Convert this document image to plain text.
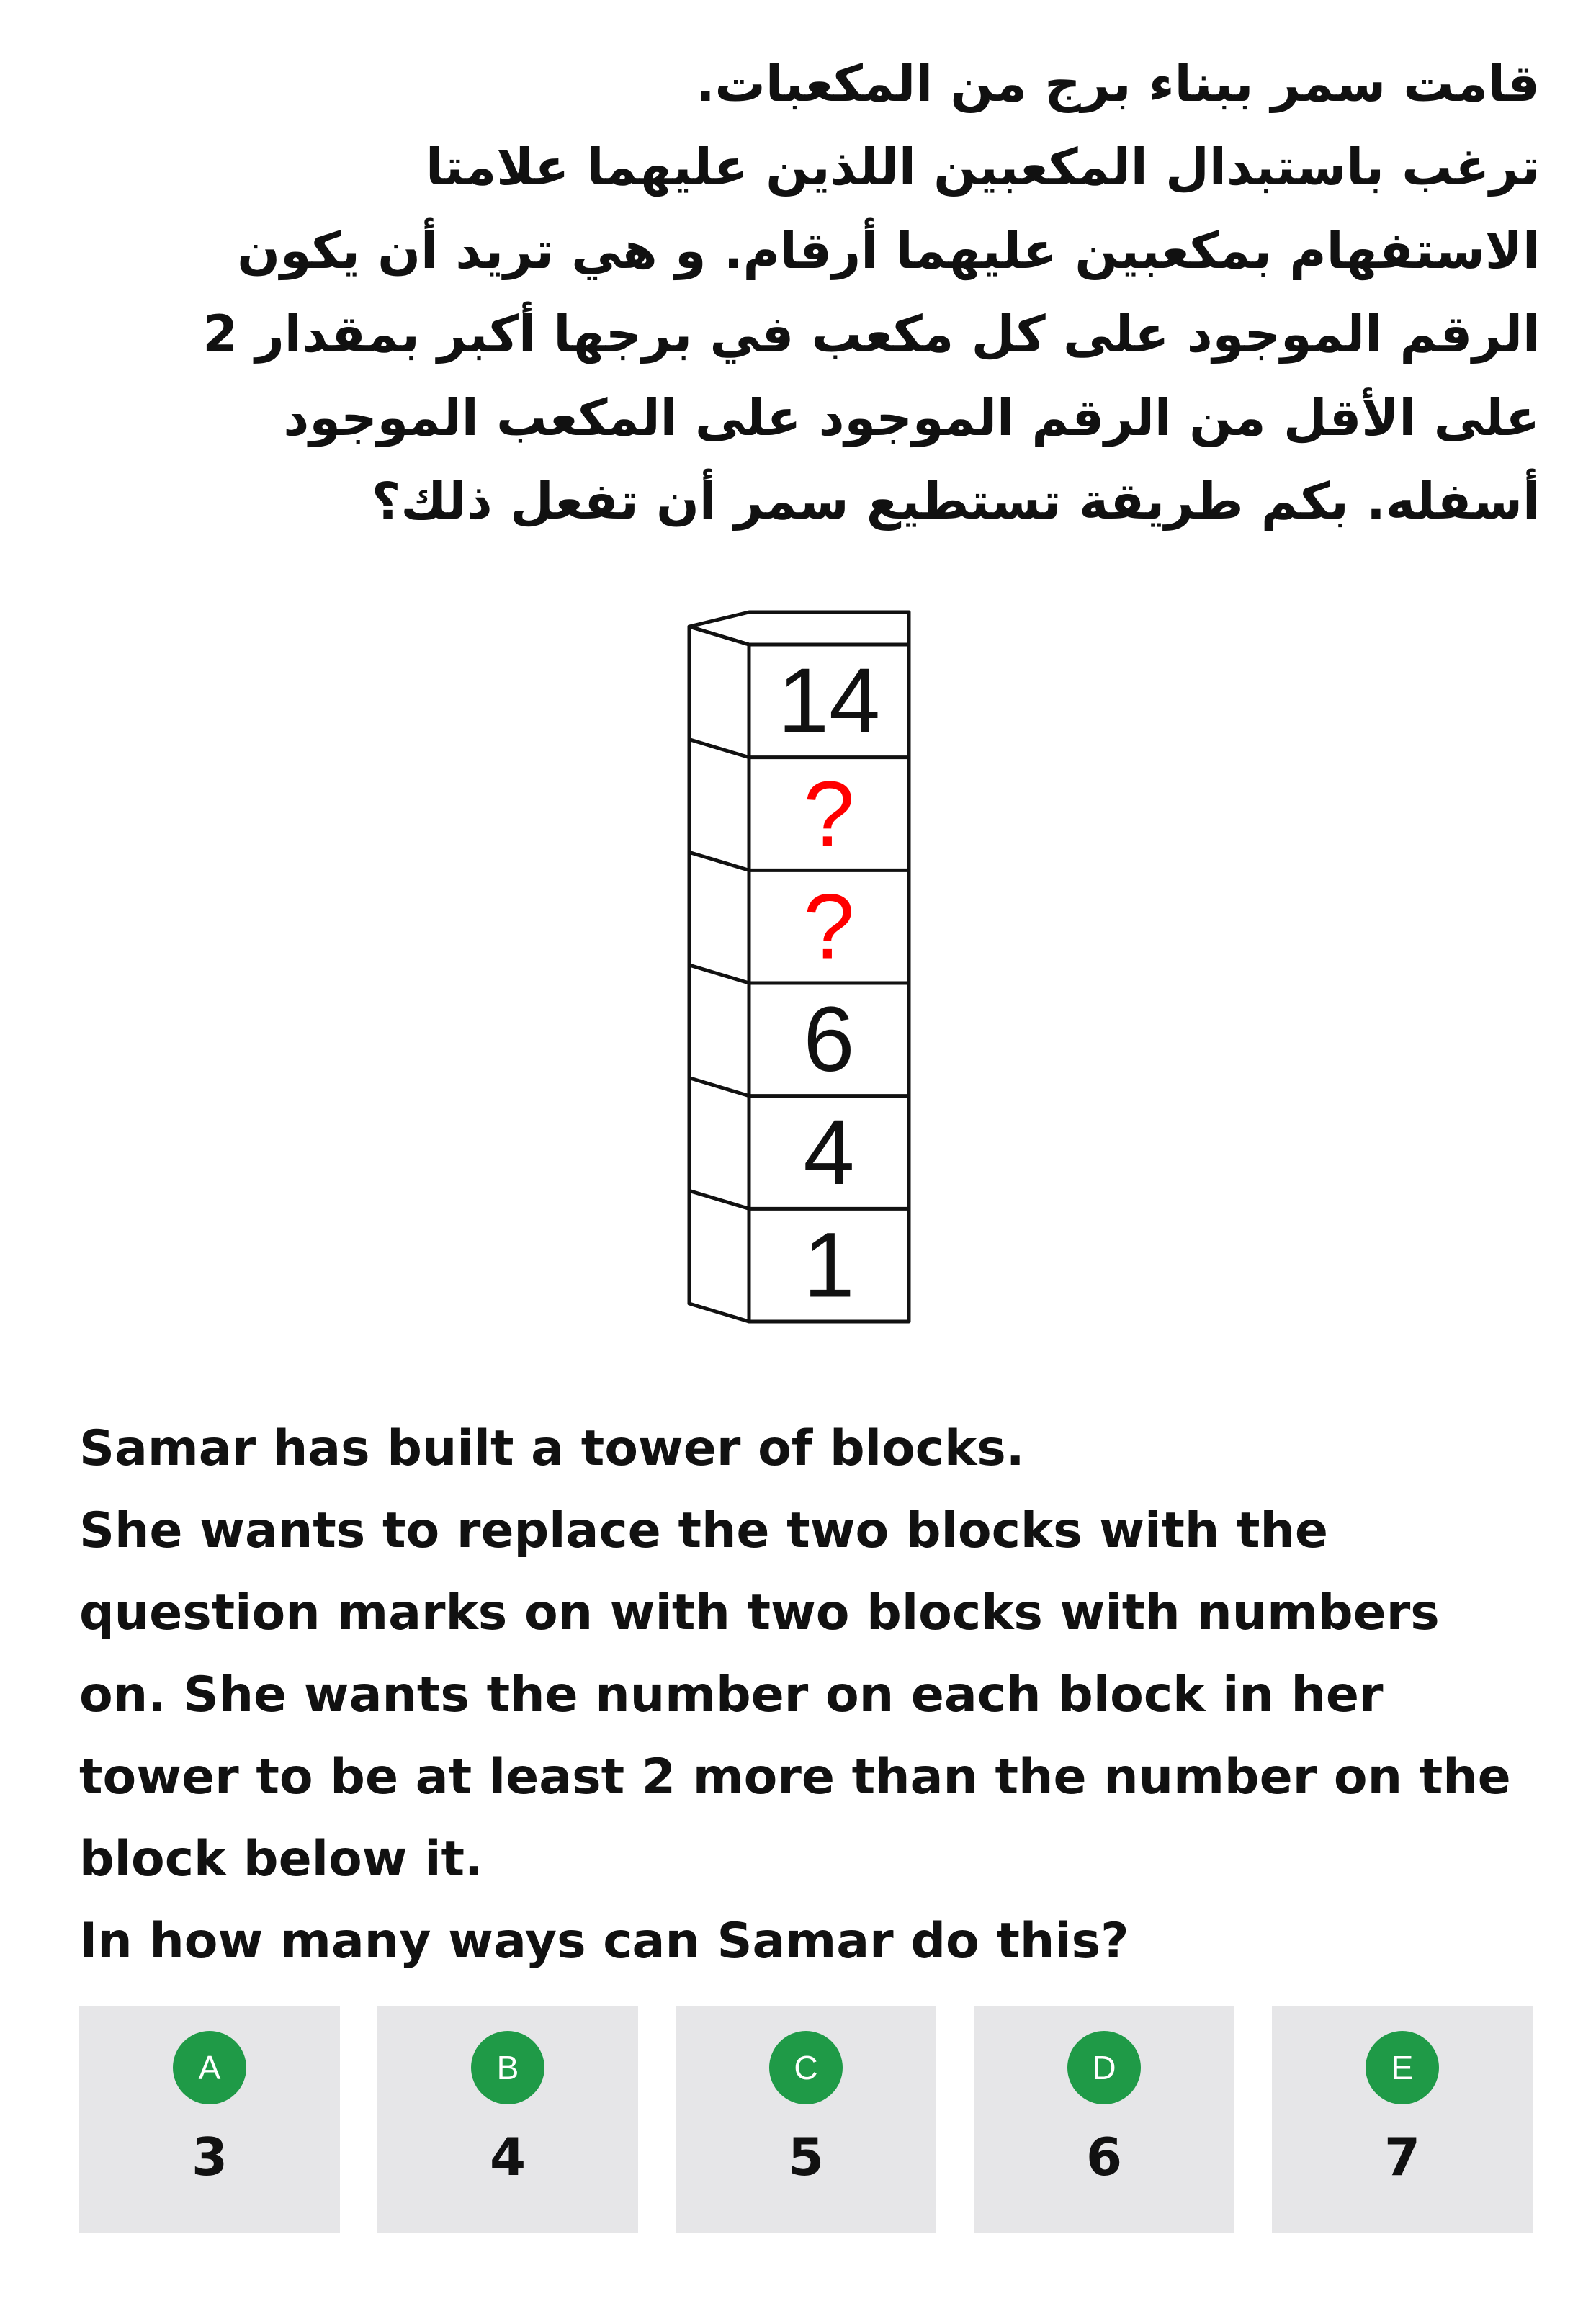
قامت سمر ببناء برج من المكعبات.
ترغب باستبدال المكعبين اللذين عليهما علامتا
الاستفهام بمكعبين عليهما أرقام. و هي تريد أن يكون
الرقم الموجود على كل مكعب في برجها أكبر بمقدار 2
على الأقل من الرقم الموجود على المكعب الموجود
أسفله. بكم طريقة تستطيع سمر أن تفعل ذلك؟
14
?
?
6
4
1
Samar has built a tower of blocks.
She wants to replace the two blocks with the
question marks on with two blocks with numbers
on. She wants the number on each block in her
tower to be at least 2 more than the number on the
block below it.
In how many ways can Samar do this?
A
3
B
4
C
5
D
6
E
7
